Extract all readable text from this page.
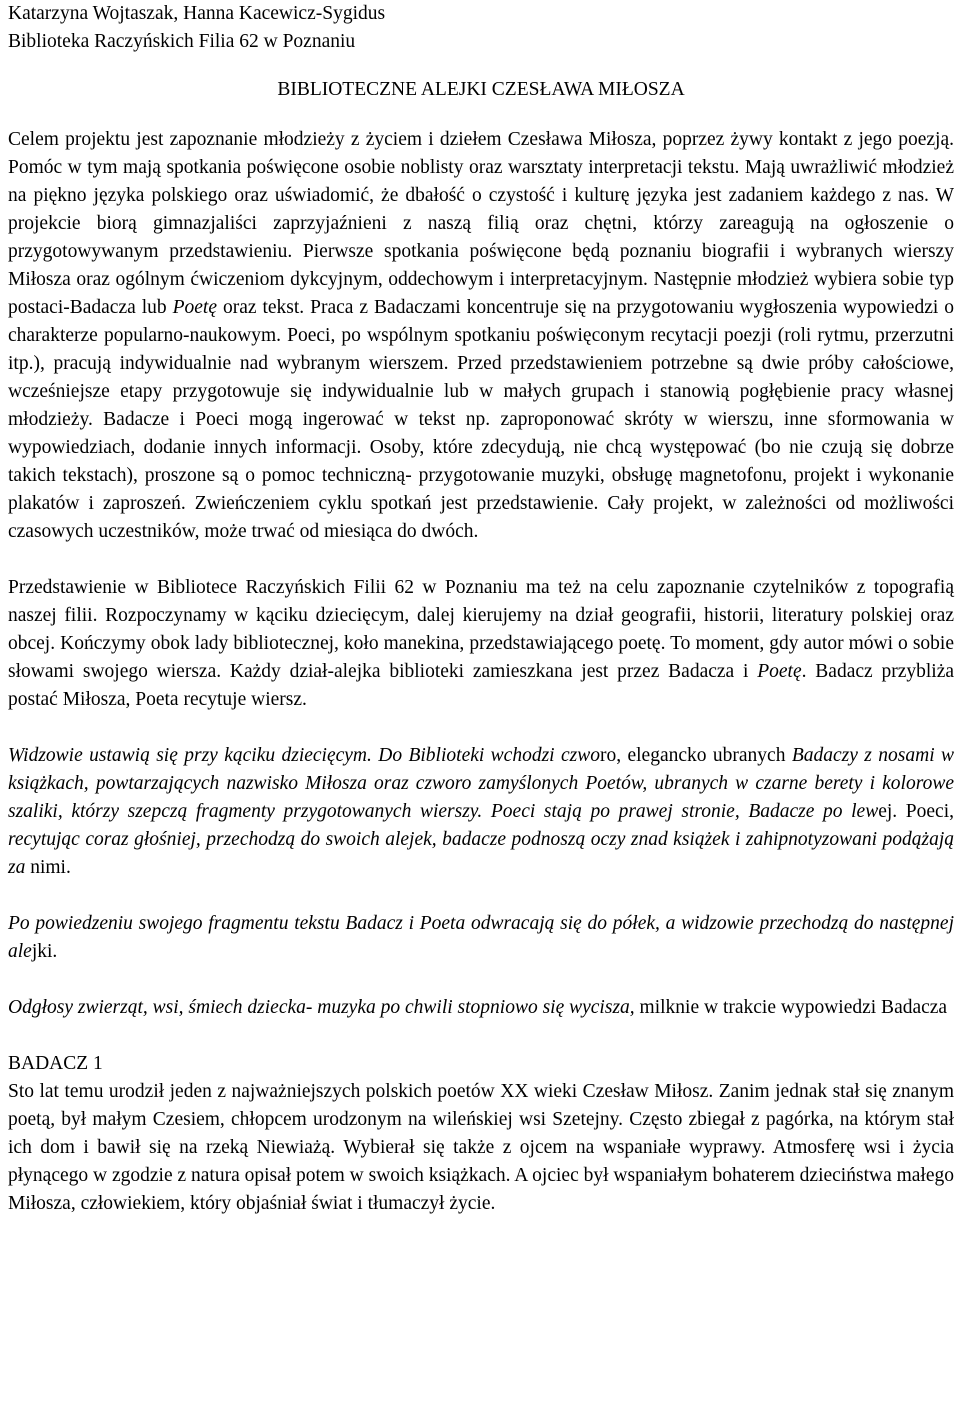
Katarzyna Wojtaszak, Hanna Kacewicz-Sygidus
Biblioteka Raczyńskich Filia 62 w Poznaniu
BIBLIOTECZNE ALEJKI CZESŁAWA MIŁOSZA

Celem projektu jest zapoznanie młodzieży z życiem i dziełem Czesława Miłosza, poprzez żywy kontakt z jego poezją. Pomóc w tym mają spotkania poświęcone osobie noblisty oraz warsztaty interpretacji tekstu. Mają uwrażliwić młodzież na piękno języka polskiego oraz uświadomić, że dbałość o czystość i kulturę języka jest zadaniem każdego z nas. W projekcie biorą gimnazjaliści zaprzyjaźnieni z naszą filią oraz chętni, którzy zareagują na ogłoszenie o przygotowywanym przedstawieniu. Pierwsze spotkania poświęcone będą poznaniu biografii i wybranych wierszy Miłosza oraz ogólnym ćwiczeniom dykcyjnym, oddechowym i interpretacyjnym. Następnie młodzież wybiera sobie typ postaci-Badacza lub Poetę oraz tekst. Praca z Badaczami koncentruje się na przygotowaniu wygłoszenia wypowiedzi o charakterze popularno-naukowym. Poeci, po wspólnym spotkaniu poświęconym recytacji poezji (roli rytmu, przerzutni itp.), pracują indywidualnie nad wybranym wierszem. Przed przedstawieniem potrzebne są dwie próby całościowe, wcześniejsze etapy przygotowuje się indywidualnie lub w małych grupach i stanowią pogłębienie pracy własnej młodzieży. Badacze i Poeci mogą ingerować w tekst np. zaproponować skróty w wierszu, inne sformowania w wypowiedziach, dodanie innych informacji. Osoby, które zdecydują, nie chcą występować (bo nie czują się dobrze takich tekstach), proszone są o pomoc techniczną- przygotowanie muzyki, obsługę magnetofonu, projekt i wykonanie plakatów i zaproszeń. Zwieńczeniem cyklu spotkań jest przedstawienie. Cały projekt, w zależności od możliwości czasowych uczestników, może trwać od miesiąca do dwóch.

Przedstawienie w Bibliotece Raczyńskich Filii 62 w Poznaniu ma też na celu zapoznanie czytelników z topografią naszej filii. Rozpoczynamy w kąciku dziecięcym, dalej kierujemy na dział geografii, historii, literatury polskiej oraz obcej. Kończymy obok lady bibliotecznej, koło manekina, przedstawiającego poetę. To moment, gdy autor mówi o sobie słowami swojego wiersza. Każdy dział-alejka biblioteki zamieszkana jest przez Badacza i Poetę. Badacz przybliża postać Miłosza, Poeta recytuje wiersz.

Widzowie ustawią się przy kąciku dziecięcym. Do Biblioteki wchodzi czworo, elegancko ubranych Badaczy z nosami w książkach, powtarzających nazwisko Miłosza oraz czworo zamyślonych Poetów, ubranych w czarne berety i kolorowe szaliki, którzy szepczą fragmenty przygotowanych wierszy. Poeci stają po prawej stronie, Badacze po lewej. Poeci, recytując coraz głośniej, przechodzą do swoich alejek, badacze podnoszą oczy znad książek i zahipnotyzowani podążają za nimi.

Po powiedzeniu swojego fragmentu tekstu Badacz i Poeta odwracają się do półek, a widzowie przechodzą do następnej alejki.

Odgłosy zwierząt, wsi, śmiech dziecka- muzyka po chwili stopniowo się wycisza, milknie w trakcie wypowiedzi Badacza

BADACZ 1

Sto lat temu urodził jeden z najważniejszych polskich poetów XX wieki Czesław Miłosz. Zanim jednak stał się znanym poetą, był małym Czesiem, chłopcem urodzonym na wileńskiej wsi Szetejny. Często zbiegał z pagórka, na którym stał ich dom i bawił się na rzeką Niewiażą. Wybierał się także z ojcem na wspaniałe wyprawy. Atmosferę wsi i życia płynącego w zgodzie z natura opisał potem w swoich książkach. A ojciec był wspaniałym bohaterem dzieciństwa małego Miłosza, człowiekiem, który objaśniał świat i tłumaczył życie.
